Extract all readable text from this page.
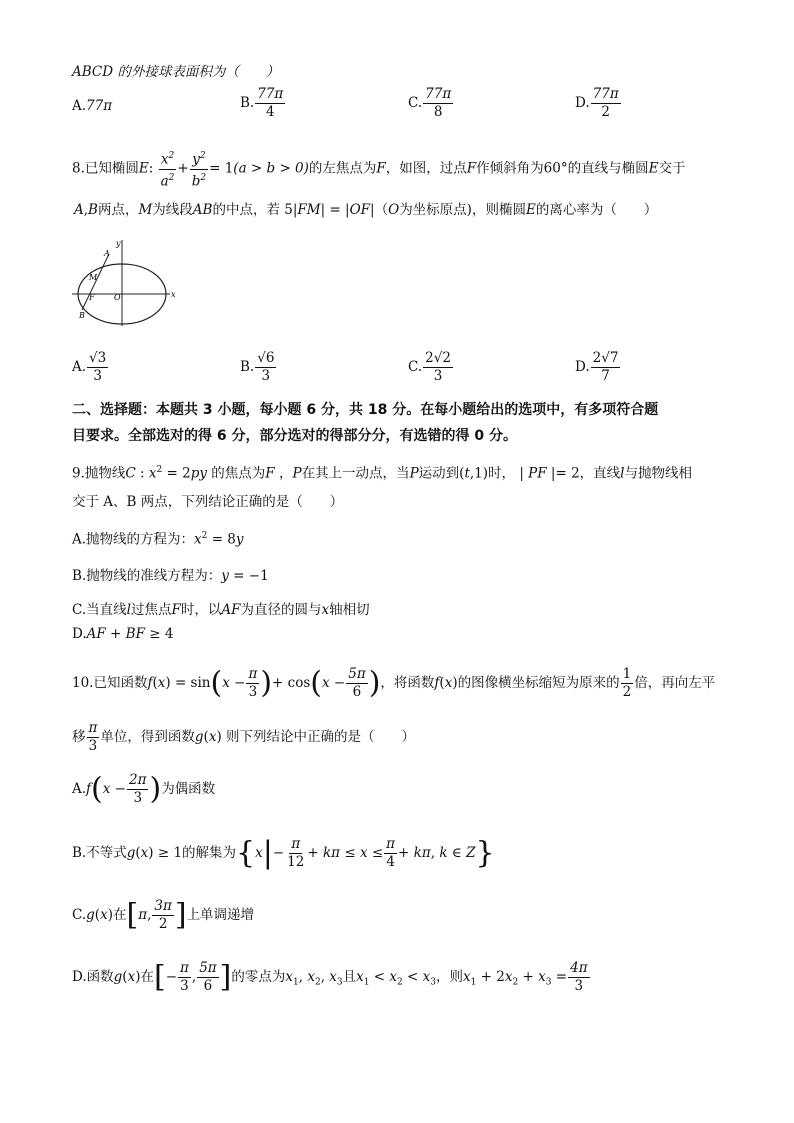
ABCD 的外接球表面积为（　　）
A.77π	B. $\frac{77\pi}{4}$	C. $\frac{77\pi}{8}$	D. $\frac{77\pi}{2}$
8.已知椭圆E: $\frac{x^2}{a^2} + \frac{y^2}{b^2} = 1(a > b > 0)$的左焦点为F，如图，过点F作倾斜角为60°的直线与椭圆E交于
A,B两点，M为线段AB的中点，若 5|FM| = |OF|（O为坐标原点)，则椭圆E的离心率为（　　）
y
x
A
M
F O
B
A. $\frac{√3}{3}$	B. $\frac{√6}{3}$	C. $\frac{2√2}{3}$	D. $\frac{2√7}{7}$
二、选择题：本题共 3 小题，每小题 6 分，共 18 分。在每小题给出的选项中，有多项符合题
目要求。全部选对的得 6 分，部分选对的得部分分，有选错的得 0 分。
9.抛物线C : $x^2 = 2py$ 的焦点为F ，P在其上一动点，当P运动到(t,1)时， | PF |= 2，直线l与抛物线相
交于 A、B 两点，下列结论正确的是（　　）
A.抛物线的方程为：$x^2 = 8y$
B.抛物线的准线方程为：y = −1
C.当直线l过焦点F时，以AF为直径的圆与x轴相切
D.AF + BF ≥ 4
10.已知函数$f(x) = \sin(x - \frac{\pi}{3}$ )+ $\cos(x - \frac{5\pi}{6}$ )，将函数f(x)的图像横坐标缩短为原来的 $\frac{1}{2}$ 倍，再向左平
移 $\frac{\pi}{3}$ 单位，得到函数g(x) 则下列结论中正确的是（　　）
$A.f(x - \frac{2\pi}{3}$ )为偶函数
B.不等式g(x) ≥ 1的解集为{$x|- \frac{\pi}{12} + k\pi \le x \le \frac{\pi}{4} + k\pi$, k ∈ Z}
C.g(x)在[π, $\frac{3\pi}{2}$ ]上单调递增
D.函数g(x)在[− $\frac{\pi}{3}$ , $\frac{5\pi}{6}$ ]的零点为$x_1$, $x_2$, $x_3$且$x_1 < x_2 < x_3$，则$x_1 + 2x_2 + x_3 = \frac{4\pi}{3}$
